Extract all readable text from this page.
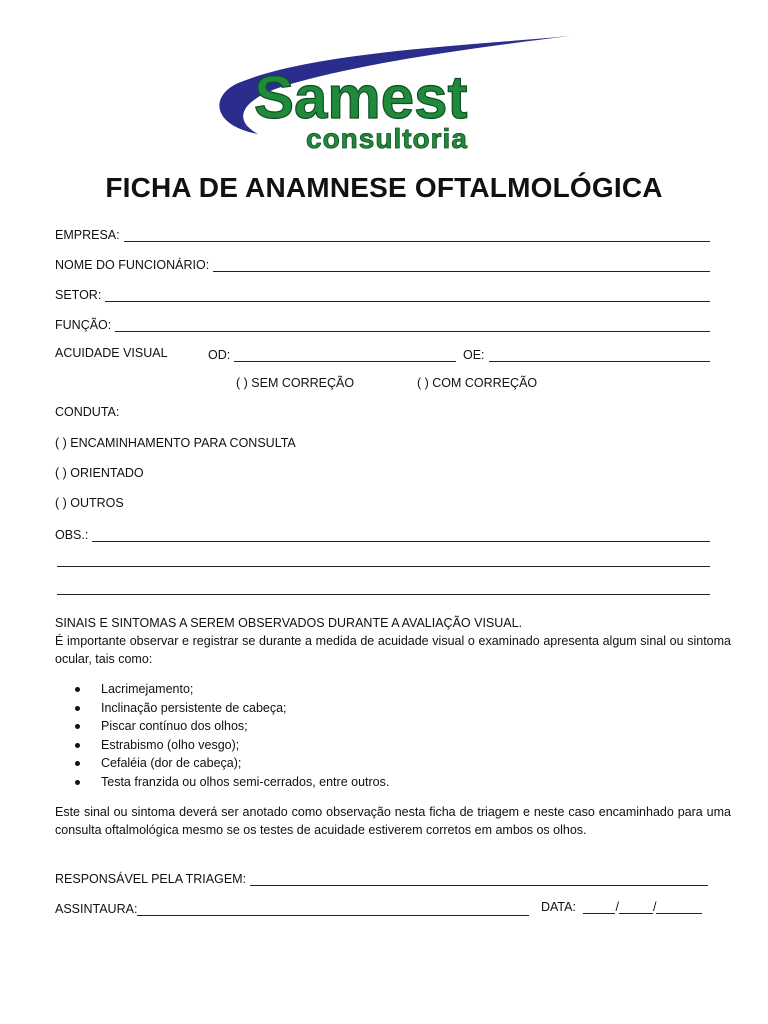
Samest
consultoria
FICHA DE ANAMNESE OFTALMOLÓGICA
EMPRESA:
NOME DO FUNCIONÁRIO:
SETOR:
FUNÇÃO:
ACUIDADE VISUAL	OD:	OE:
( ) SEM CORREÇÃO	( ) COM CORREÇÃO
CONDUTA:
( ) ENCAMINHAMENTO PARA CONSULTA
( ) ORIENTADO
( ) OUTROS
OBS.:
SINAIS E SINTOMAS A SEREM OBSERVADOS DURANTE A AVALIAÇÃO VISUAL.
É importante observar e registrar se durante a medida de acuidade visual o examinado apresenta algum sinal ou sintoma ocular, tais como:
Lacrimejamento;
Inclinação persistente de cabeça;
Piscar contínuo dos olhos;
Estrabismo (olho vesgo);
Cefaléia (dor de cabeça);
Testa franzida ou olhos semi-cerrados, entre outros.
Este sinal ou sintoma deverá ser anotado como observação nesta ficha de triagem e neste caso encaminhado para uma consulta oftalmológica mesmo se os testes de acuidade estiverem corretos em ambos os olhos.
RESPONSÁVEL PELA TRIAGEM:
ASSINTAURA:	DATA:	/	/
